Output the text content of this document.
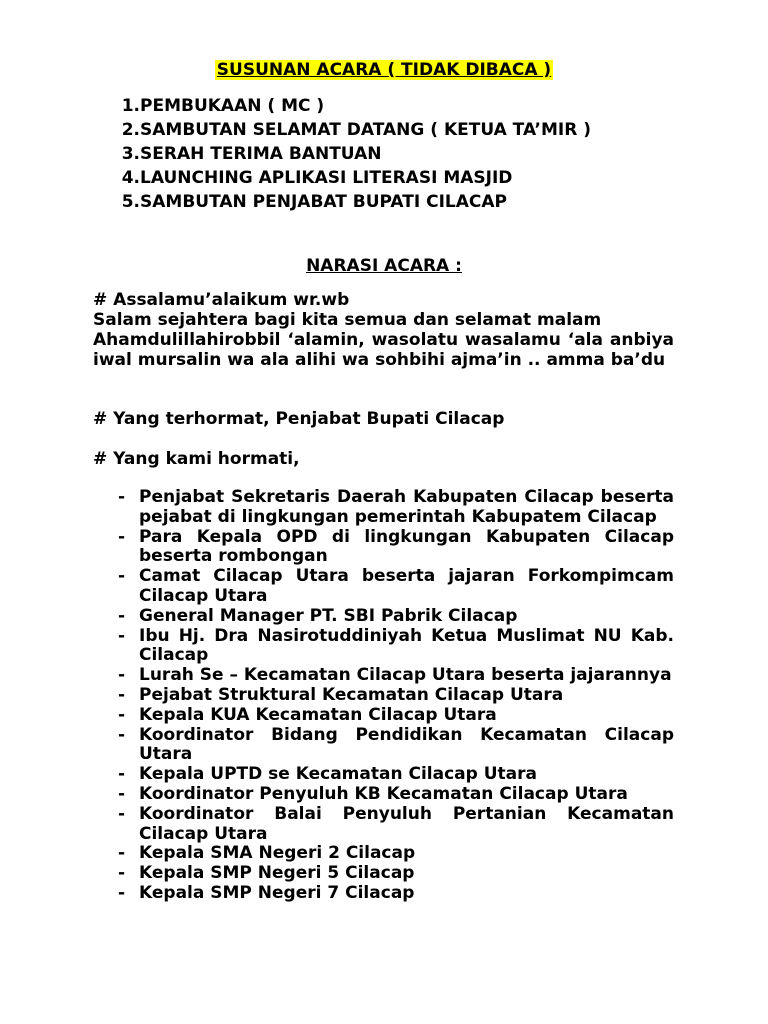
SUSUNAN ACARA ( TIDAK DIBACA )
1.PEMBUKAAN ( MC )
2.SAMBUTAN SELAMAT DATANG ( KETUA TA’MIR )
3.SERAH TERIMA BANTUAN
4.LAUNCHING APLIKASI LITERASI MASJID
5.SAMBUTAN PENJABAT BUPATI CILACAP
NARASI ACARA :
# Assalamu’alaikum wr.wb
Salam sejahtera bagi kita semua dan selamat malam
Ahamdulillahirobbil ‘alamin, wasolatu wasalamu ‘ala anbiya iwal mursalin wa ala alihi wa sohbihi ajma’in .. amma ba’du
# Yang terhormat, Penjabat Bupati Cilacap
# Yang kami hormati,
- Penjabat Sekretaris Daerah Kabupaten Cilacap beserta pejabat di lingkungan pemerintah Kabupatem Cilacap
- Para Kepala OPD di lingkungan Kabupaten Cilacap beserta rombongan
- Camat Cilacap Utara beserta jajaran Forkompimcam Cilacap Utara
- General Manager PT. SBI Pabrik Cilacap
- Ibu Hj. Dra Nasirotuddiniyah Ketua Muslimat NU Kab. Cilacap
- Lurah Se – Kecamatan Cilacap Utara beserta jajarannya
- Pejabat Struktural Kecamatan Cilacap Utara
- Kepala KUA Kecamatan Cilacap Utara
- Koordinator Bidang Pendidikan Kecamatan Cilacap Utara
- Kepala UPTD se Kecamatan Cilacap Utara
- Koordinator Penyuluh KB Kecamatan Cilacap Utara
- Koordinator Balai Penyuluh Pertanian Kecamatan Cilacap Utara
- Kepala SMA Negeri 2 Cilacap
- Kepala SMP Negeri 5 Cilacap
- Kepala SMP Negeri 7 Cilacap
